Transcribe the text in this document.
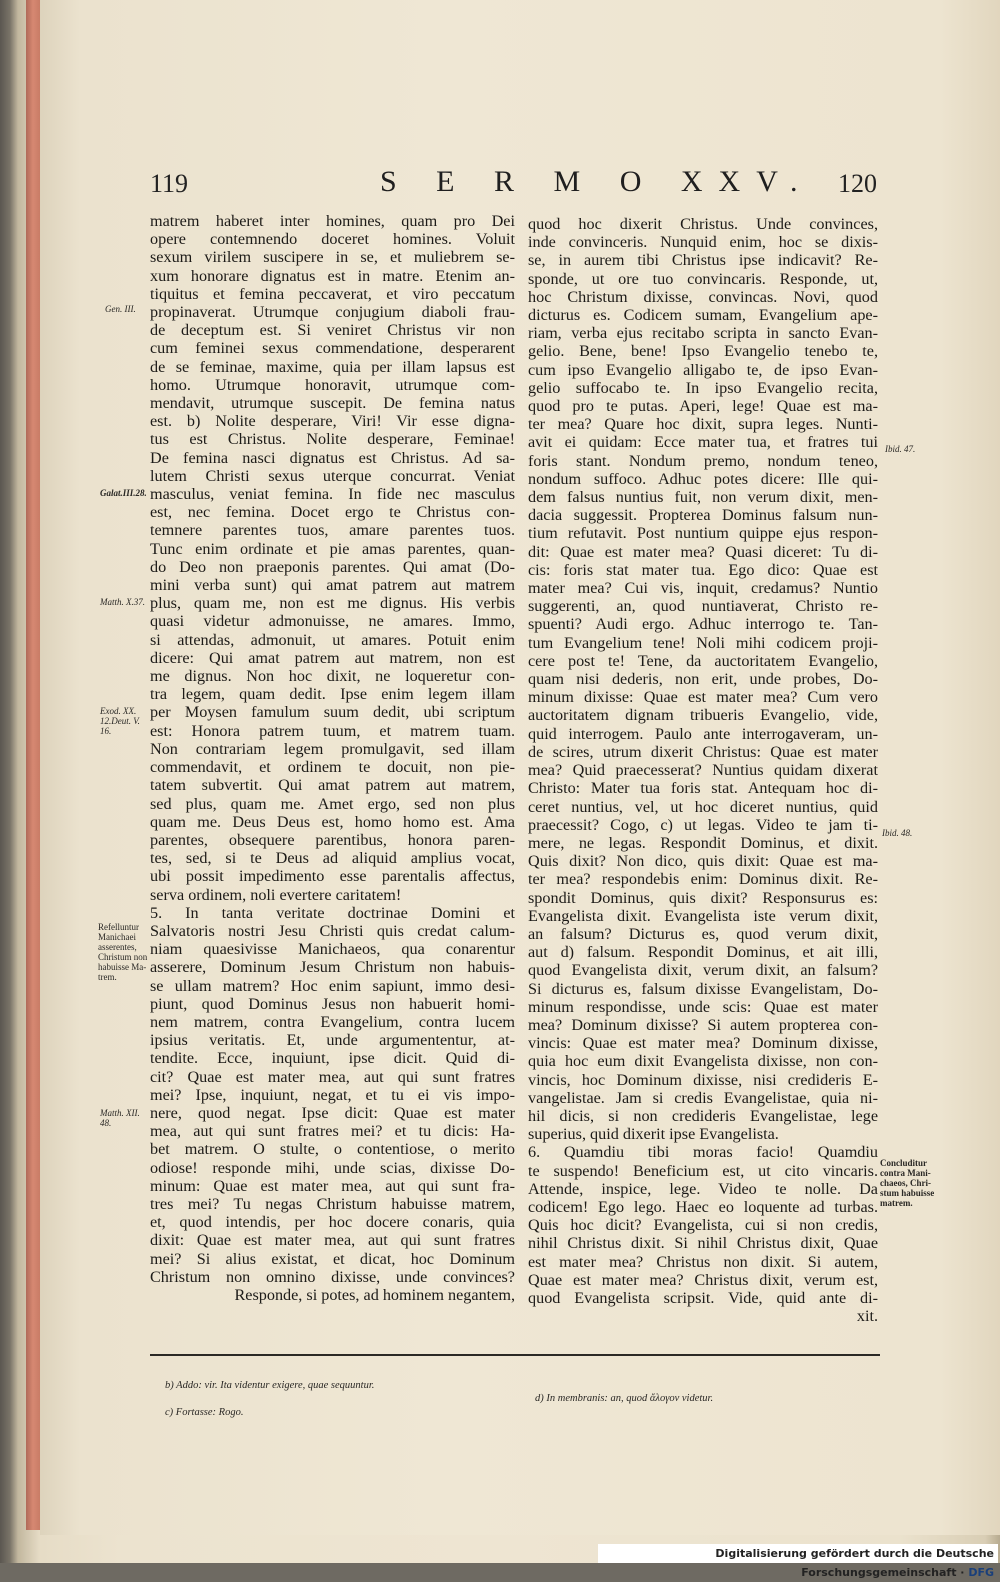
119	S E R M O XXV. 120

matrem haberet inter homines, quam pro Dei

opere contemnendo doceret homines. Voluit

sexum virilem suscipere in se, et muliebrem se-

xum honorare dignatus est in matre. Etenim an-

tiquitus et femina peccaverat, et viro peccatum

propinaverat. Utrumque conjugium diaboli frau-

de deceptum est. Si veniret Christus vir non

cum feminei sexus commendatione, desperarent

de se feminae, maxime, quia per illam lapsus est

homo. Utrumque honoravit, utrumque com-

mendavit, utrumque suscepit. De femina natus

est. b) Nolite desperare, Viri! Vir esse digna-

tus est Christus. Nolite desperare, Feminae!

De femina nasci dignatus est Christus. Ad sa-

lutem Christi sexus uterque concurrat. Veniat

masculus, veniat femina. In fide nec masculus

est, nec femina. Docet ergo te Christus con-

temnere parentes tuos, amare parentes tuos.

Tunc enim ordinate et pie amas parentes, quan-

do Deo non praeponis parentes. Qui amat (Do-

mini verba sunt) qui amat patrem aut matrem

plus, quam me, non est me dignus. His verbis

quasi videtur admonuisse, ne amares. Immo,

si attendas, admonuit, ut amares. Potuit enim

dicere: Qui amat patrem aut matrem, non est

me dignus. Non hoc dixit, ne loqueretur con-

tra legem, quam dedit. Ipse enim legem illam

per Moysen famulum suum dedit, ubi scriptum

est: Honora patrem tuum, et matrem tuam.

Non contrariam legem promulgavit, sed illam

commendavit, et ordinem te docuit, non pie-

tatem subvertit. Qui amat patrem aut matrem,

sed plus, quam me. Amet ergo, sed non plus

quam me. Deus Deus est, homo homo est. Ama

parentes, obsequere parentibus, honora paren-

tes, sed, si te Deus ad aliquid amplius vocat,

ubi possit impedimento esse parentalis affectus,

serva ordinem, noli evertere caritatem!

5. In tanta veritate doctrinae Domini et

Salvatoris nostri Jesu Christi quis credat calum-

niam quaesivisse Manichaeos, qua conarentur

asserere, Dominum Jesum Christum non habuis-

se ullam matrem? Hoc enim sapiunt, immo desi-

piunt, quod Dominus Jesus non habuerit homi-

nem matrem, contra Evangelium, contra lucem

ipsius veritatis. Et, unde argumententur, at-

tendite. Ecce, inquiunt, ipse dicit. Quid di-

cit? Quae est mater mea, aut qui sunt fratres

mei? Ipse, inquiunt, negat, et tu ei vis impo-

nere, quod negat. Ipse dicit: Quae est mater

mea, aut qui sunt fratres mei? et tu dicis: Ha-

bet matrem. O stulte, o contentiose, o merito

odiose! responde mihi, unde scias, dixisse Do-

minum: Quae est mater mea, aut qui sunt fra-

tres mei? Tu negas Christum habuisse matrem,

et, quod intendis, per hoc docere conaris, quia

dixit: Quae est mater mea, aut qui sunt fratres

mei? Si alius existat, et dicat, hoc Dominum

Christum non omnino dixisse, unde convinces?

Responde, si potes, ad hominem negantem,

quod hoc dixerit Christus. Unde convinces,

inde convinceris. Nunquid enim, hoc se dixis-

se, in aurem tibi Christus ipse indicavit? Re-

sponde, ut ore tuo convincaris. Responde, ut,

hoc Christum dixisse, convincas. Novi, quod

dicturus es. Codicem sumam, Evangelium ape-

riam, verba ejus recitabo scripta in sancto Evan-

gelio. Bene, bene! Ipso Evangelio tenebo te,

cum ipso Evangelio alligabo te, de ipso Evan-

gelio suffocabo te. In ipso Evangelio recita,

quod pro te putas. Aperi, lege! Quae est ma-

ter mea? Quare hoc dixit, supra leges. Nunti-

avit ei quidam: Ecce mater tua, et fratres tui

foris stant. Nondum premo, nondum teneo,

nondum suffoco. Adhuc potes dicere: Ille qui-

dem falsus nuntius fuit, non verum dixit, men-

dacia suggessit. Propterea Dominus falsum nun-

tium refutavit. Post nuntium quippe ejus respon-

dit: Quae est mater mea? Quasi diceret: Tu di-

cis: foris stat mater tua. Ego dico: Quae est

mater mea? Cui vis, inquit, credamus? Nuntio

suggerenti, an, quod nuntiaverat, Christo re-

spuenti? Audi ergo. Adhuc interrogo te. Tan-

tum Evangelium tene! Noli mihi codicem proji-

cere post te! Tene, da auctoritatem Evangelio,

quam nisi dederis, non erit, unde probes, Do-

minum dixisse: Quae est mater mea? Cum vero

auctoritatem dignam tribueris Evangelio, vide,

quid interrogem. Paulo ante interrogaveram, un-

de scires, utrum dixerit Christus: Quae est mater

mea? Quid praecesserat? Nuntius quidam dixerat

Christo: Mater tua foris stat. Antequam hoc di-

ceret nuntius, vel, ut hoc diceret nuntius, quid

praecessit? Cogo, c) ut legas. Video te jam ti-

mere, ne legas. Respondit Dominus, et dixit.

Quis dixit? Non dico, quis dixit: Quae est ma-

ter mea? respondebis enim: Dominus dixit. Re-

spondit Dominus, quis dixit? Responsurus es:

Evangelista dixit. Evangelista iste verum dixit,

an falsum? Dicturus es, quod verum dixit,

aut d) falsum. Respondit Dominus, et ait illi,

quod Evangelista dixit, verum dixit, an falsum?

Si dicturus es, falsum dixisse Evangelistam, Do-

minum respondisse, unde scis: Quae est mater

mea? Dominum dixisse? Si autem propterea con-

vincis: Quae est mater mea? Dominum dixisse,

quia hoc eum dixit Evangelista dixisse, non con-

vincis, hoc Dominum dixisse, nisi credideris E-

vangelistae. Jam si credis Evangelistae, quia ni-

hil dicis, si non credideris Evangelistae, lege

superius, quid dixerit ipse Evangelista.

6. Quamdiu tibi moras facio! Quamdiu

te suspendo! Beneficium est, ut cito vincaris.

Attende, inspice, lege. Video te nolle. Da

codicem! Ego lego. Haec eo loquente ad turbas.

Quis hoc dicit? Evangelista, cui si non credis,

nihil Christus dixit. Si nihil Christus dixit, Quae

est mater mea? Christus non dixit. Si autem,

Quae est mater mea? Christus dixit, verum est,

quod Evangelista scripsit. Vide, quid ante di-

xit.

Gen. III.
Galat.III.28.
Matth. X.37.
Exod. XX.
12.Deut. V.
16.
Refelluntur
Manichaei
asserentes,
Christum non
habuisse Ma-
trem.
Matth. XII.
48.
Ibid. 47.
Ibid. 48.
Concluditur
contra Mani-
chaeos, Chri-
stum habuisse
matrem.
b) Addo: vir. Ita videntur exigere, quae sequuntur.
c) Fortasse: Rogo.
d) In membranis: an, quod ἄλογον videtur.
Digitalisierung gefördert durch die Deutsche Forschungsgemeinschaft · DFG
